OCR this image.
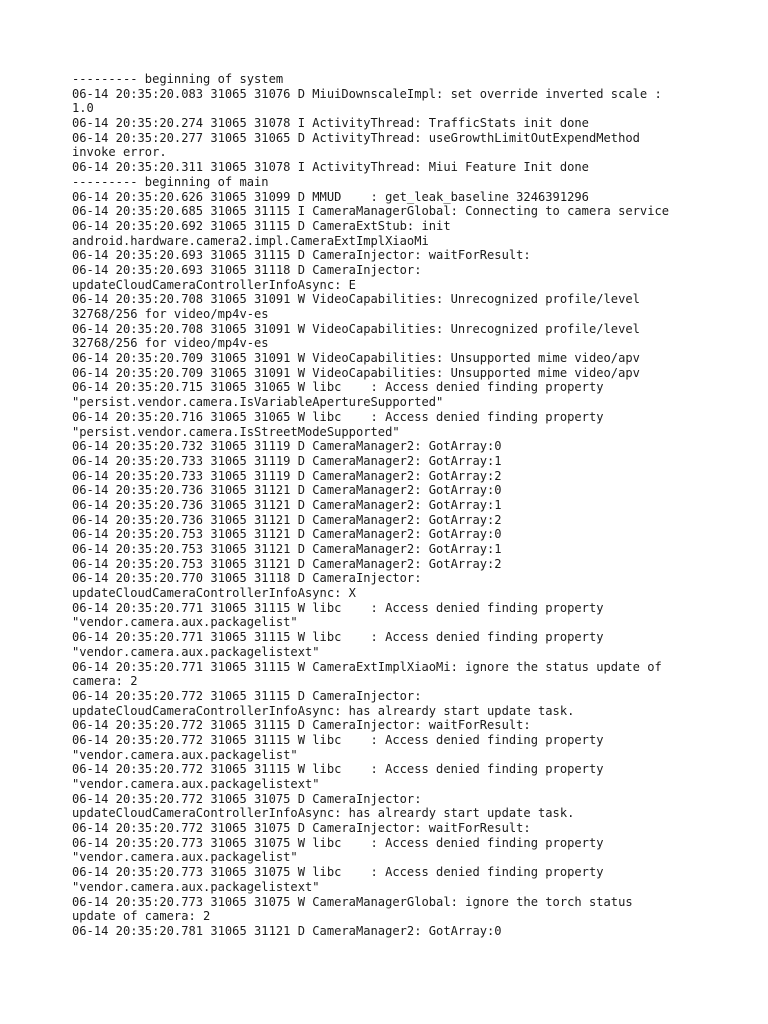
--------- beginning of system
06-14 20:35:20.083 31065 31076 D MiuiDownscaleImpl: set override inverted scale :
1.0
06-14 20:35:20.274 31065 31078 I ActivityThread: TrafficStats init done
06-14 20:35:20.277 31065 31065 D ActivityThread: useGrowthLimitOutExpendMethod
invoke error.
06-14 20:35:20.311 31065 31078 I ActivityThread: Miui Feature Init done
--------- beginning of main
06-14 20:35:20.626 31065 31099 D MMUD    : get_leak_baseline 3246391296
06-14 20:35:20.685 31065 31115 I CameraManagerGlobal: Connecting to camera service
06-14 20:35:20.692 31065 31115 D CameraExtStub: init
android.hardware.camera2.impl.CameraExtImplXiaoMi
06-14 20:35:20.693 31065 31115 D CameraInjector: waitForResult:
06-14 20:35:20.693 31065 31118 D CameraInjector:
updateCloudCameraControllerInfoAsync: E
06-14 20:35:20.708 31065 31091 W VideoCapabilities: Unrecognized profile/level
32768/256 for video/mp4v-es
06-14 20:35:20.708 31065 31091 W VideoCapabilities: Unrecognized profile/level
32768/256 for video/mp4v-es
06-14 20:35:20.709 31065 31091 W VideoCapabilities: Unsupported mime video/apv
06-14 20:35:20.709 31065 31091 W VideoCapabilities: Unsupported mime video/apv
06-14 20:35:20.715 31065 31065 W libc    : Access denied finding property
"persist.vendor.camera.IsVariableApertureSupported"
06-14 20:35:20.716 31065 31065 W libc    : Access denied finding property
"persist.vendor.camera.IsStreetModeSupported"
06-14 20:35:20.732 31065 31119 D CameraManager2: GotArray:0
06-14 20:35:20.733 31065 31119 D CameraManager2: GotArray:1
06-14 20:35:20.733 31065 31119 D CameraManager2: GotArray:2
06-14 20:35:20.736 31065 31121 D CameraManager2: GotArray:0
06-14 20:35:20.736 31065 31121 D CameraManager2: GotArray:1
06-14 20:35:20.736 31065 31121 D CameraManager2: GotArray:2
06-14 20:35:20.753 31065 31121 D CameraManager2: GotArray:0
06-14 20:35:20.753 31065 31121 D CameraManager2: GotArray:1
06-14 20:35:20.753 31065 31121 D CameraManager2: GotArray:2
06-14 20:35:20.770 31065 31118 D CameraInjector:
updateCloudCameraControllerInfoAsync: X
06-14 20:35:20.771 31065 31115 W libc    : Access denied finding property
"vendor.camera.aux.packagelist"
06-14 20:35:20.771 31065 31115 W libc    : Access denied finding property
"vendor.camera.aux.packagelistext"
06-14 20:35:20.771 31065 31115 W CameraExtImplXiaoMi: ignore the status update of
camera: 2
06-14 20:35:20.772 31065 31115 D CameraInjector:
updateCloudCameraControllerInfoAsync: has alreardy start update task.
06-14 20:35:20.772 31065 31115 D CameraInjector: waitForResult:
06-14 20:35:20.772 31065 31115 W libc    : Access denied finding property
"vendor.camera.aux.packagelist"
06-14 20:35:20.772 31065 31115 W libc    : Access denied finding property
"vendor.camera.aux.packagelistext"
06-14 20:35:20.772 31065 31075 D CameraInjector:
updateCloudCameraControllerInfoAsync: has alreardy start update task.
06-14 20:35:20.772 31065 31075 D CameraInjector: waitForResult:
06-14 20:35:20.773 31065 31075 W libc    : Access denied finding property
"vendor.camera.aux.packagelist"
06-14 20:35:20.773 31065 31075 W libc    : Access denied finding property
"vendor.camera.aux.packagelistext"
06-14 20:35:20.773 31065 31075 W CameraManagerGlobal: ignore the torch status
update of camera: 2
06-14 20:35:20.781 31065 31121 D CameraManager2: GotArray:0
